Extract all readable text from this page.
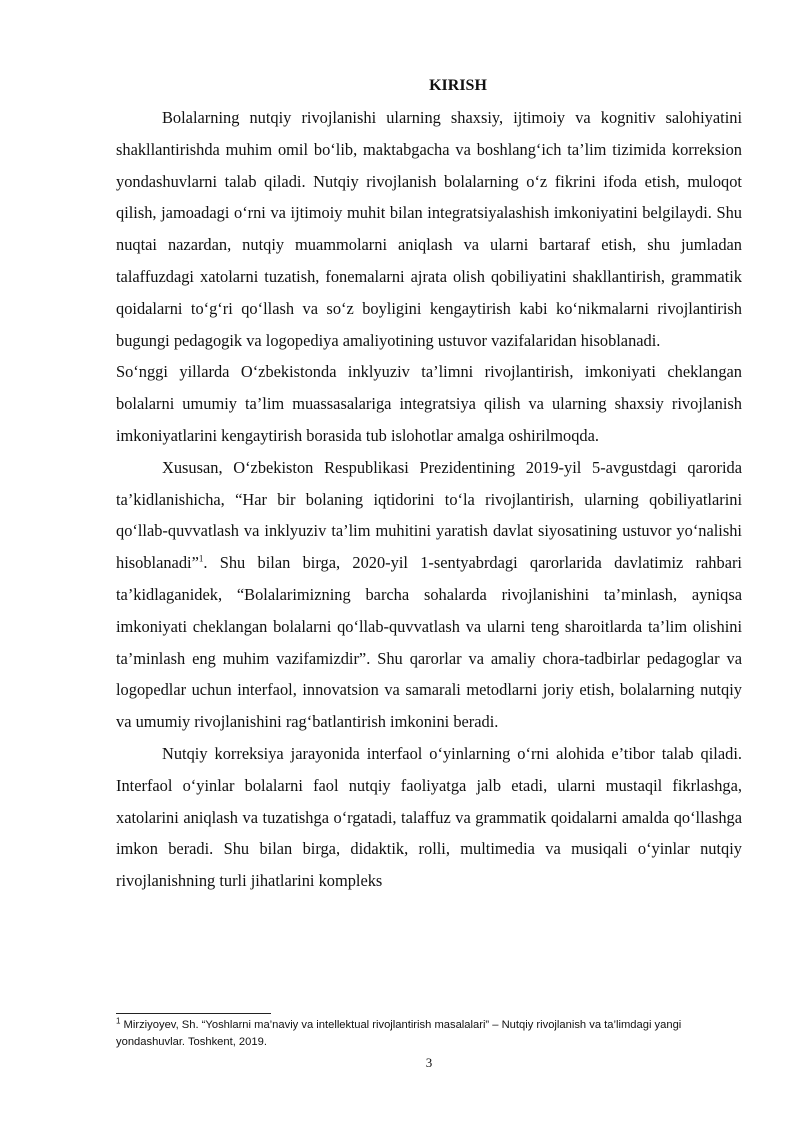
KIRISH

Bolalarning nutqiy rivojlanishi ularning shaxsiy, ijtimoiy va kognitiv salohiyatini shakllantirishda muhim omil bo‘lib, maktabgacha va boshlang‘ich ta’lim tizimida korreksion yondashuvlarni talab qiladi. Nutqiy rivojlanish bolalarning o‘z fikrini ifoda etish, muloqot qilish, jamoadagi o‘rni va ijtimoiy muhit bilan integratsiyalashish imkoniyatini belgilaydi. Shu nuqtai nazardan, nutqiy muammolarni aniqlash va ularni bartaraf etish, shu jumladan talaffuzdagi xatolarni tuzatish, fonemalarni ajrata olish qobiliyatini shakllantirish, grammatik qoidalarni to‘g‘ri qo‘llash va so‘z boyligini kengaytirish kabi ko‘nikmalarni rivojlantirish bugungi pedagogik va logopediya amaliyotining ustuvor vazifalaridan hisoblanadi.

So‘nggi yillarda O‘zbekistonda inklyuziv ta’limni rivojlantirish, imkoniyati cheklangan bolalarni umumiy ta’lim muassasalariga integratsiya qilish va ularning shaxsiy rivojlanish imkoniyatlarini kengaytirish borasida tub islohotlar amalga oshirilmoqda.

Xususan, O‘zbekiston Respublikasi Prezidentining 2019-yil 5-avgustdagi qarorida ta’kidlanishicha, “Har bir bolaning iqtidorini to‘la rivojlantirish, ularning qobiliyatlarini qo‘llab-quvvatlash va inklyuziv ta’lim muhitini yaratish davlat siyosatining ustuvor yo‘nalishi hisoblanadi”$^1$. Shu bilan birga, 2020-yil 1-sentyabrdagi qarorlarida davlatimiz rahbari ta’kidlaganidek, “Bolalarimizning barcha sohalarda rivojlanishini ta’minlash, ayniqsa imkoniyati cheklangan bolalarni qo‘llab-quvvatlash va ularni teng sharoitlarda ta’lim olishini ta’minlash eng muhim vazifamizdir”. Shu qarorlar va amaliy chora-tadbirlar pedagoglar va logopedlar uchun interfaol, innovatsion va samarali metodlarni joriy etish, bolalarning nutqiy va umumiy rivojlanishini rag‘batlantirish imkonini beradi.

Nutqiy korreksiya jarayonida interfaol o‘yinlarning o‘rni alohida e’tibor talab qiladi. Interfaol o‘yinlar bolalarni faol nutqiy faoliyatga jalb etadi, ularni mustaqil fikrlashga, xatolarini aniqlash va tuzatishga o‘rgatadi, talaffuz va grammatik qoidalarni amalda qo‘llashga imkon beradi. Shu bilan birga, didaktik, rolli, multimedia va musiqali o‘yinlar nutqiy rivojlanishning turli jihatlarini kompleks

$^1$ Mirziyoyev, Sh. “Yoshlarni ma’naviy va intellektual rivojlantirish masalalari” – Nutqiy rivojlanish va ta’limdagi yangi yondashuvlar. Toshkent, 2019.
3
